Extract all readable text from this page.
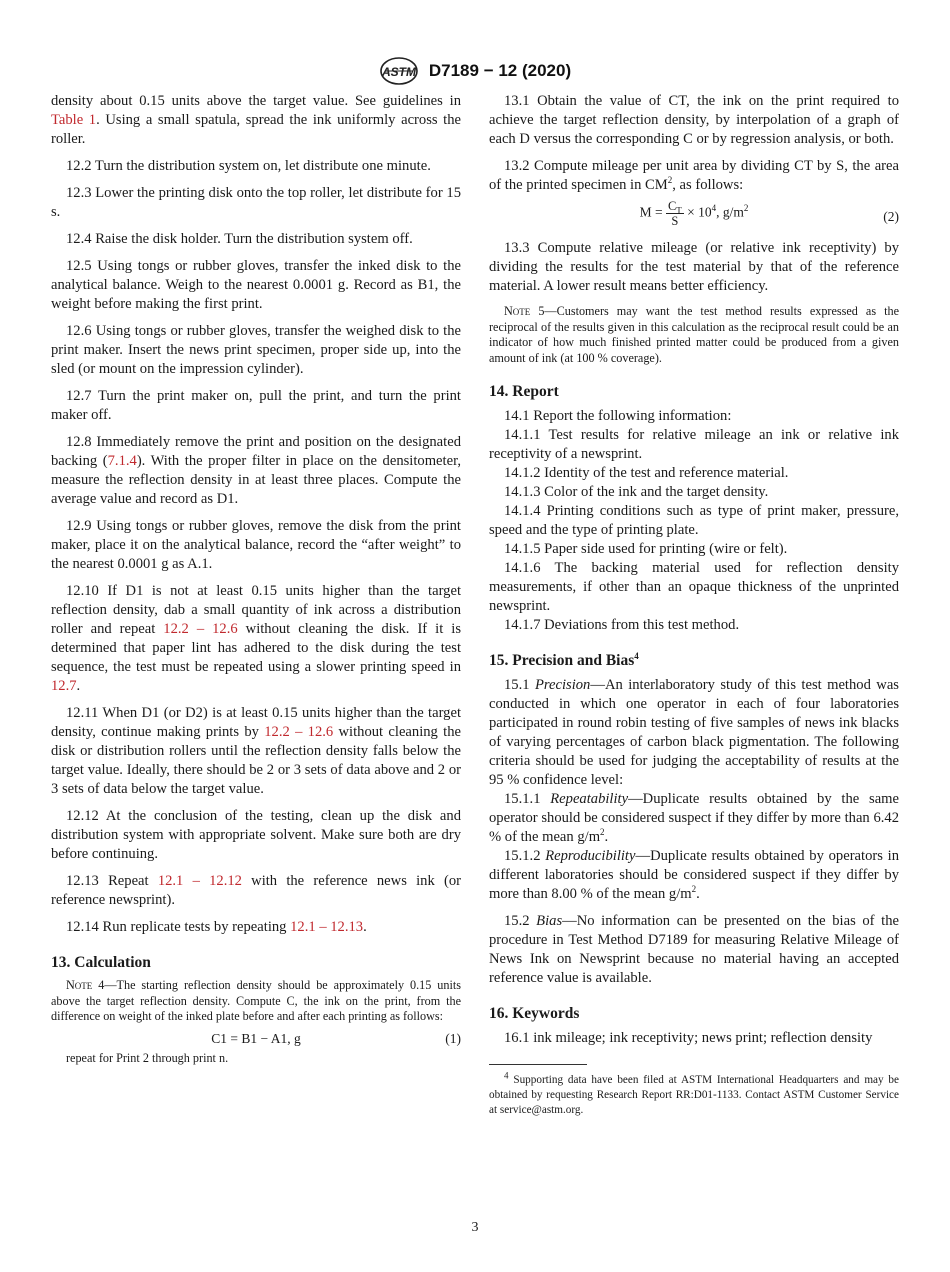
ASTM D7189 − 12 (2020)

density about 0.15 units above the target value. See guidelines in Table 1. Using a small spatula, spread the ink uniformly across the roller.

12.2 Turn the distribution system on, let distribute one minute.

12.3 Lower the printing disk onto the top roller, let distribute for 15 s.

12.4 Raise the disk holder. Turn the distribution system off.

12.5 Using tongs or rubber gloves, transfer the inked disk to the analytical balance. Weigh to the nearest 0.0001 g. Record as B1, the weight before making the first print.

12.6 Using tongs or rubber gloves, transfer the weighed disk to the print maker. Insert the news print specimen, proper side up, into the sled (or mount on the impression cylinder).

12.7 Turn the print maker on, pull the print, and turn the print maker off.

12.8 Immediately remove the print and position on the designated backing (7.1.4). With the proper filter in place on the densitometer, measure the reflection density in at least three places. Compute the average value and record as D1.

12.9 Using tongs or rubber gloves, remove the disk from the print maker, place it on the analytical balance, record the “after weight” to the nearest 0.0001 g as A.1.

12.10 If D1 is not at least 0.15 units higher than the target reflection density, dab a small quantity of ink across a distribution roller and repeat 12.2 – 12.6 without cleaning the disk. If it is determined that paper lint has adhered to the disk during the test sequence, the test must be repeated using a slower printing speed in 12.7.

12.11 When D1 (or D2) is at least 0.15 units higher than the target density, continue making prints by 12.2 – 12.6 without cleaning the disk or distribution rollers until the reflection density falls below the target value. Ideally, there should be 2 or 3 sets of data above and 2 or 3 sets of data below the target value.

12.12 At the conclusion of the testing, clean up the disk and distribution system with appropriate solvent. Make sure both are dry before continuing.

12.13 Repeat 12.1 – 12.12 with the reference news ink (or reference newsprint).

12.14 Run replicate tests by repeating 12.1 – 12.13.

13. Calculation

Note 4—The starting reflection density should be approximately 0.15 units above the target reflection density. Compute C, the ink on the print, from the difference on weight of the inked plate before and after each printing as follows:

C1 = B1 − A1, g	(1)

repeat for Print 2 through print n.

13.1 Obtain the value of CT, the ink on the print required to achieve the target reflection density, by interpolation of a graph of each D versus the corresponding C or by regression analysis, or both.

13.2 Compute mileage per unit area by dividing CT by S, the area of the printed specimen in $CM^2$, as follows:

$M = \frac{C_T}{S} \times 10^4$, $g/m^2$
(2)

13.3 Compute relative mileage (or relative ink receptivity) by dividing the results for the test material by that of the reference material. A lower result means better efficiency.

Note 5—Customers may want the test method results expressed as the reciprocal of the results given in this calculation as the reciprocal result could be an indicator of how much finished printed matter could be produced from a given amount of ink (at 100 % coverage).

14. Report

14.1 Report the following information:

14.1.1 Test results for relative mileage an ink or relative ink receptivity of a newsprint.

14.1.2 Identity of the test and reference material.

14.1.3 Color of the ink and the target density.

14.1.4 Printing conditions such as type of print maker, pressure, speed and the type of printing plate.

14.1.5 Paper side used for printing (wire or felt).

14.1.6 The backing material used for reflection density measurements, if other than an opaque thickness of the unprinted newsprint.

14.1.7 Deviations from this test method.

15. Precision and Bias$^4$

15.1 Precision—An interlaboratory study of this test method was conducted in which one operator in each of four laboratories participated in round robin testing of five samples of news ink blacks of varying percentages of carbon black pigmentation. The following criteria should be used for judging the acceptability of results at the 95 % confidence level:

15.1.1 Repeatability—Duplicate results obtained by the same operator should be considered suspect if they differ by more than 6.42 % of the mean $g/m^2$.

15.1.2 Reproducibility—Duplicate results obtained by operators in different laboratories should be considered suspect if they differ by more than 8.00 % of the mean $g/m^2$.

15.2 Bias—No information can be presented on the bias of the procedure in Test Method D7189 for measuring Relative Mileage of News Ink on Newsprint because no material having an accepted reference value is available.

16. Keywords

16.1 ink mileage; ink receptivity; news print; reflection density

$^4$ Supporting data have been filed at ASTM International Headquarters and may be obtained by requesting Research Report RR:D01-1133. Contact ASTM Customer Service at service@astm.org.

3
